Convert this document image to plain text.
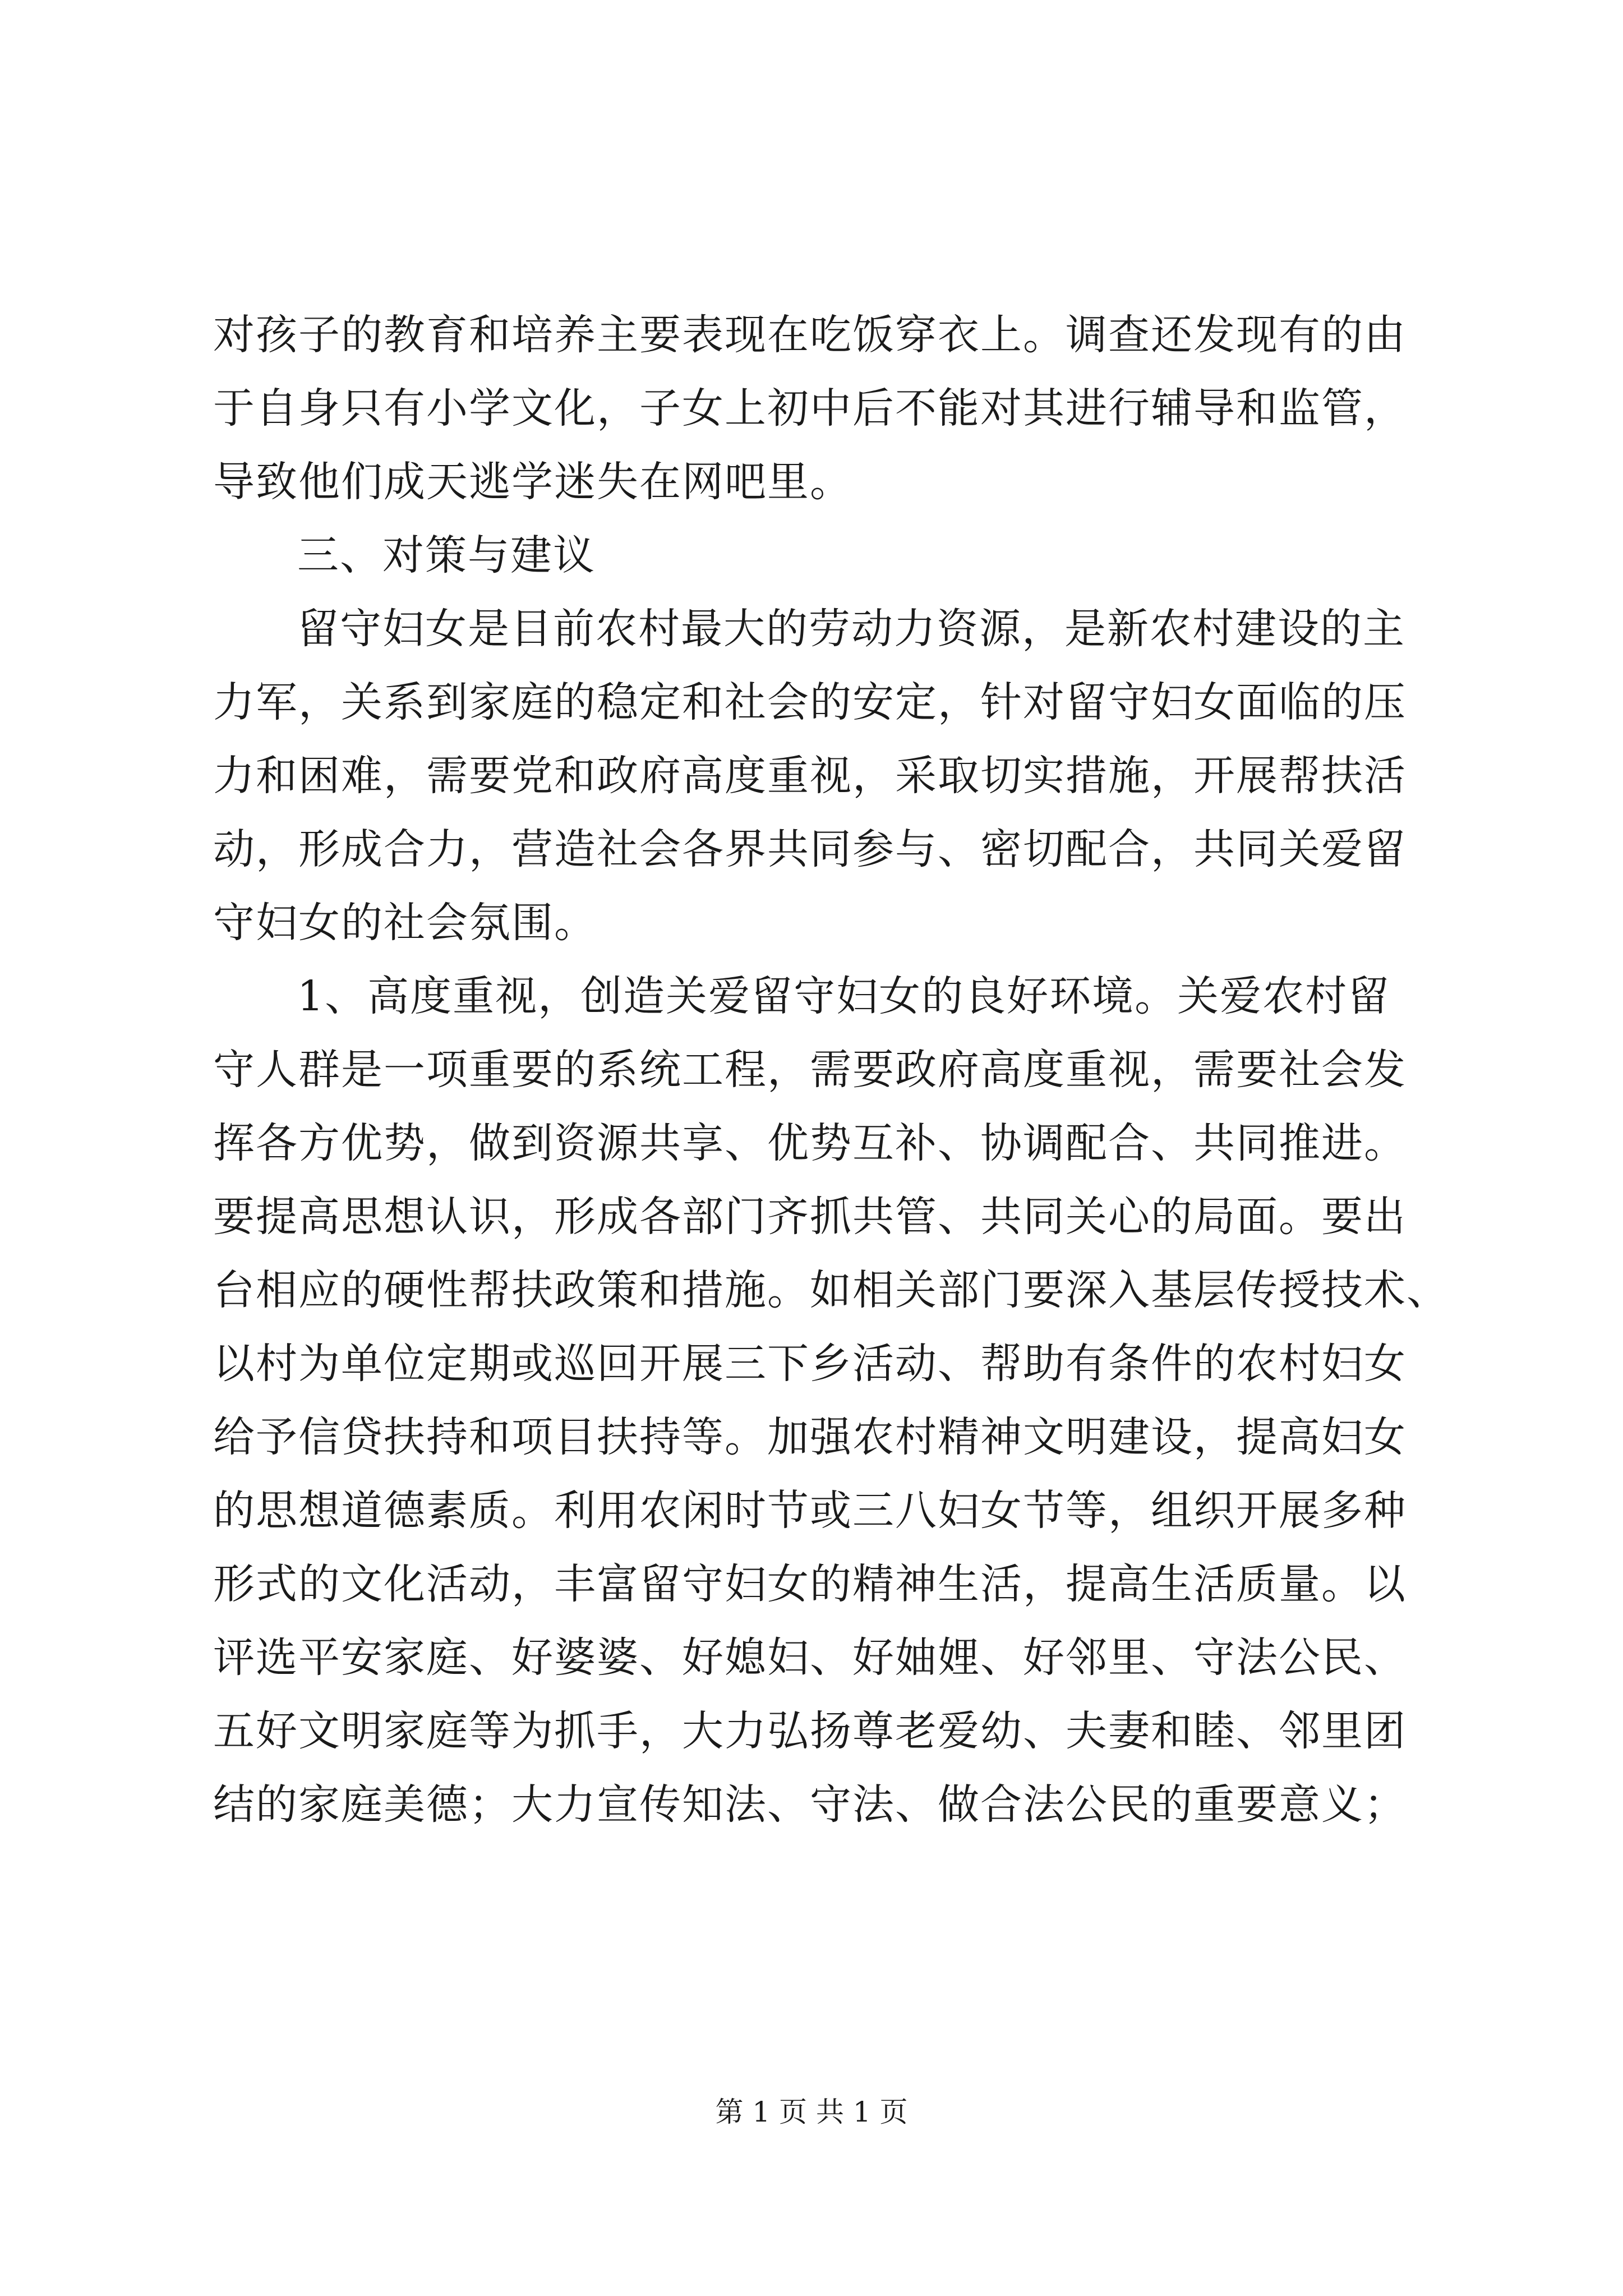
对孩子的教育和培养主要表现在吃饭穿衣上。调查还发现有的由
于自身只有小学文化，子女上初中后不能对其进行辅导和监管，
导致他们成天逃学迷失在网吧里。
三、对策与建议
留守妇女是目前农村最大的劳动力资源，是新农村建设的主
力军，关系到家庭的稳定和社会的安定，针对留守妇女面临的压
力和困难，需要党和政府高度重视，采取切实措施，开展帮扶活
动，形成合力，营造社会各界共同参与、密切配合，共同关爱留
守妇女的社会氛围。
1、高度重视，创造关爱留守妇女的良好环境。关爱农村留
守人群是一项重要的系统工程，需要政府高度重视，需要社会发
挥各方优势，做到资源共享、优势互补、协调配合、共同推进。
要提高思想认识，形成各部门齐抓共管、共同关心的局面。要出
台相应的硬性帮扶政策和措施。如相关部门要深入基层传授技术、
以村为单位定期或巡回开展三下乡活动、帮助有条件的农村妇女
给予信贷扶持和项目扶持等。加强农村精神文明建设，提高妇女
的思想道德素质。利用农闲时节或三八妇女节等，组织开展多种
形式的文化活动，丰富留守妇女的精神生活，提高生活质量。以
评选平安家庭、好婆婆、好媳妇、好妯娌、好邻里、守法公民、
五好文明家庭等为抓手，大力弘扬尊老爱幼、夫妻和睦、邻里团
结的家庭美德；大力宣传知法、守法、做合法公民的重要意义；
第 1 页 共 1 页
